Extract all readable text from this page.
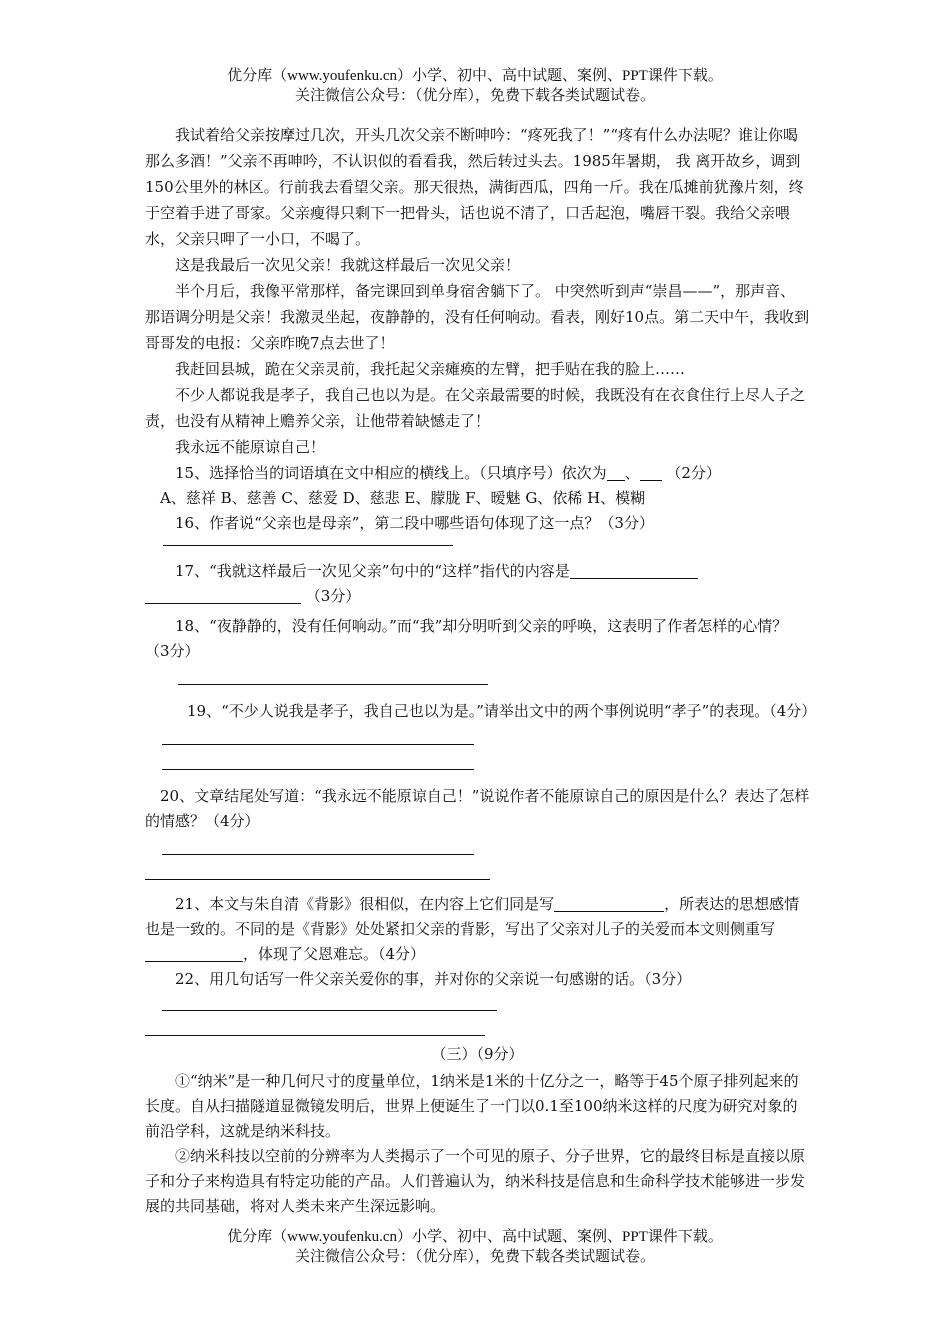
优分库（www.youfenku.cn）小学、初中、高中试题、案例、PPT课件下载。
关注微信公众号：（优分库），免费下载各类试题试卷。

我试着给父亲按摩过几次，开头几次父亲不断呻吟：“疼死我了！”“疼有什么办法呢？谁让你喝那么多酒！”父亲不再呻吟，不认识似的看看我，然后转过头去。1985年暑期， 我 离开故乡，调到150公里外的林区。行前我去看望父亲。那天很热，满街西瓜，四角一斤。我在瓜摊前犹豫片刻，终于空着手进了哥家。父亲瘦得只剩下一把骨头，话也说不清了，口舌起泡，嘴唇干裂。我给父亲喂水，父亲只呷了一小口，不喝了。

这是我最后一次见父亲！我就这样最后一次见父亲！

半个月后，我像平常那样，备完课回到单身宿舍躺下了。 中突然听到声“崇昌——”，那声音、那语调分明是父亲！我激灵坐起，夜静静的，没有任何响动。看表，刚好10点。第二天中午，我收到哥哥发的电报：父亲昨晚7点去世了！

我赶回县城，跪在父亲灵前，我托起父亲瘫痪的左臂，把手贴在我的脸上……

不少人都说我是孝子，我自己也以为是。在父亲最需要的时候，我既没有在衣食住行上尽人子之责，也没有从精神上赡养父亲，让他带着缺憾走了！

我永远不能原谅自己！

15、选择恰当的词语填在文中相应的横线上。（只填序号）依次为 、 （2分）

A、慈祥 B、慈善 C、慈爱 D、慈悲 E、朦胧 F、暧魅 G、依稀 H、模糊

16、作者说“父亲也是母亲”，第二段中哪些语句体现了这一点？（3分）

17、“我就这样最后一次见父亲”句中的“这样”指代的内容是

（3分）

18、“夜静静的，没有任何响动。”而“我”却分明听到父亲的呼唤，这表明了作者怎样的心情？（3分）

19、“不少人说我是孝子，我自己也以为是。”请举出文中的两个事例说明“孝子”的表现。（4分）

20、文章结尾处写道：“我永远不能原谅自己！”说说作者不能原谅自己的原因是什么？表达了怎样的情感？（4分）

21、本文与朱自清《背影》很相似，在内容上它们同是写	，所表达的思想感情也是一致的。不同的是《背影》处处紧扣父亲的背影，写出了父亲对儿子的关爱而本文则侧重写，体现了父恩难忘。（4分）

22、用几句话写一件父亲关爱你的事，并对你的父亲说一句感谢的话。（3分）

（三）（9分）

①“纳米”是一种几何尺寸的度量单位，1纳米是1米的十亿分之一，略等于45个原子排列起来的长度。自从扫描隧道显微镜发明后，世界上便诞生了一门以0.1至100纳米这样的尺度为研究对象的前沿学科，这就是纳米科技。

②纳米科技以空前的分辨率为人类揭示了一个可见的原子、分子世界，它的最终目标是直接以原子和分子来构造具有特定功能的产品。人们普遍认为，纳米科技是信息和生命科学技术能够进一步发展的共同基础，将对人类未来产生深远影响。

优分库（www.youfenku.cn）小学、初中、高中试题、案例、PPT课件下载。
关注微信公众号：（优分库），免费下载各类试题试卷。
